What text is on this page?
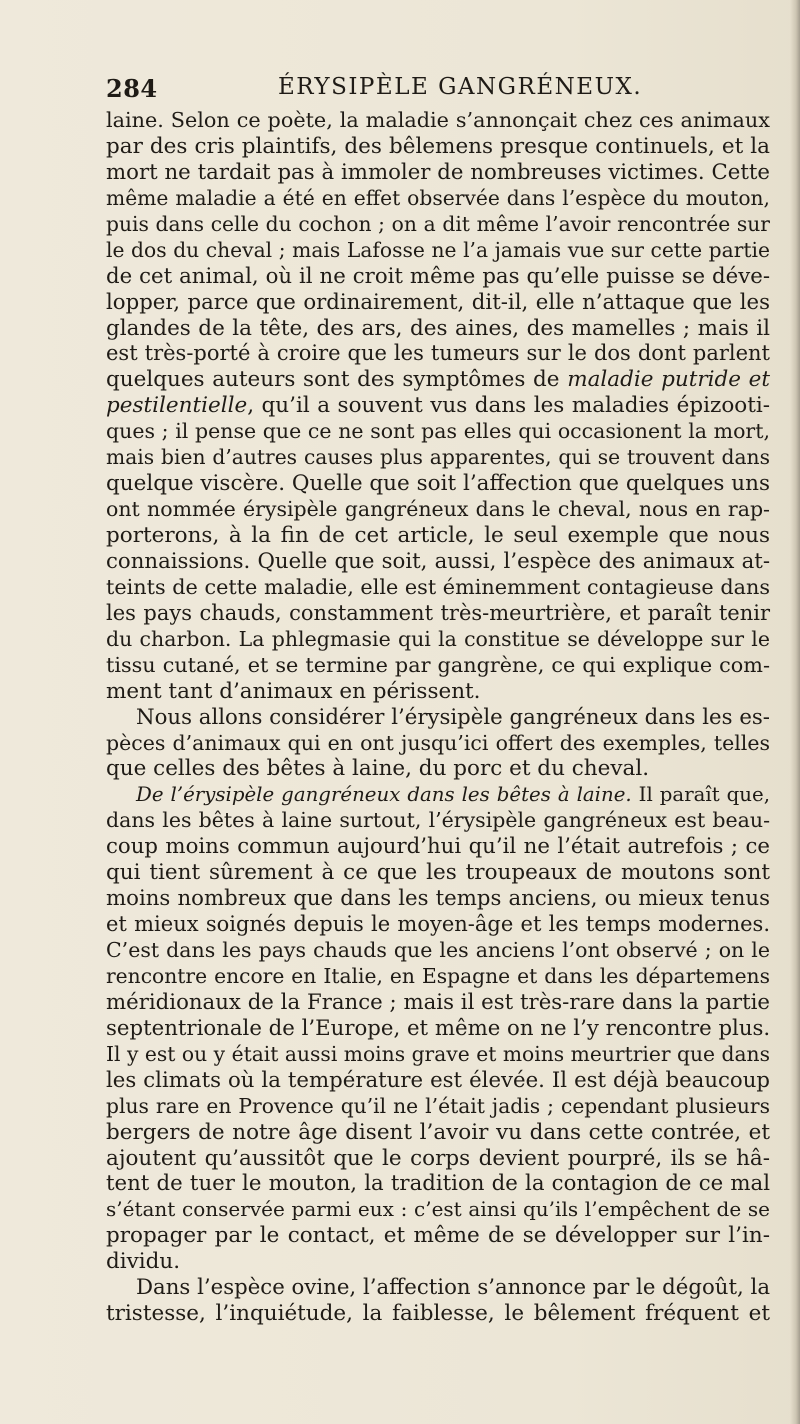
284	ÉRYSIPÈLE GANGRÉNEUX.
laine. Selon ce poète, la maladie s’annonçait chez ces animaux
par des cris plaintifs, des bêlemens presque continuels, et la
mort ne tardait pas à immoler de nombreuses victimes. Cette
même maladie a été en effet observée dans l’espèce du mouton,
puis dans celle du cochon ; on a dit même l’avoir rencontrée sur
le dos du cheval ; mais Lafosse ne l’a jamais vue sur cette partie
de cet animal, où il ne croit même pas qu’elle puisse se déve-
lopper, parce que ordinairement, dit-il, elle n’attaque que les
glandes de la tête, des ars, des aines, des mamelles ; mais il
est très-porté à croire que les tumeurs sur le dos dont parlent
quelques auteurs sont des symptômes de maladie putride et
pestilentielle, qu’il a souvent vus dans les maladies épizooti-
ques ; il pense que ce ne sont pas elles qui occasionent la mort,
mais bien d’autres causes plus apparentes, qui se trouvent dans
quelque viscère. Quelle que soit l’affection que quelques uns
ont nommée érysipèle gangréneux dans le cheval, nous en rap-
porterons, à la fin de cet article, le seul exemple que nous
connaissions. Quelle que soit, aussi, l’espèce des animaux at-
teints de cette maladie, elle est éminemment contagieuse dans
les pays chauds, constamment très-meurtrière, et paraît tenir
du charbon. La phlegmasie qui la constitue se développe sur le
tissu cutané, et se termine par gangrène, ce qui explique com-
ment tant d’animaux en périssent.
Nous allons considérer l’érysipèle gangréneux dans les es-
pèces d’animaux qui en ont jusqu’ici offert des exemples, telles
que celles des bêtes à laine, du porc et du cheval.
De l’érysipèle gangréneux dans les bêtes à laine. Il paraît que,
dans les bêtes à laine surtout, l’érysipèle gangréneux est beau-
coup moins commun aujourd’hui qu’il ne l’était autrefois ; ce
qui tient sûrement à ce que les troupeaux de moutons sont
moins nombreux que dans les temps anciens, ou mieux tenus
et mieux soignés depuis le moyen-âge et les temps modernes.
C’est dans les pays chauds que les anciens l’ont observé ; on le
rencontre encore en Italie, en Espagne et dans les départemens
méridionaux de la France ; mais il est très-rare dans la partie
septentrionale de l’Europe, et même on ne l’y rencontre plus.
Il y est ou y était aussi moins grave et moins meurtrier que dans
les climats où la température est élevée. Il est déjà beaucoup
plus rare en Provence qu’il ne l’était jadis ; cependant plusieurs
bergers de notre âge disent l’avoir vu dans cette contrée, et
ajoutent qu’aussitôt que le corps devient pourpré, ils se hâ-
tent de tuer le mouton, la tradition de la contagion de ce mal
s’étant conservée parmi eux : c’est ainsi qu’ils l’empêchent de se
propager par le contact, et même de se développer sur l’in-
dividu.
Dans l’espèce ovine, l’affection s’annonce par le dégoût, la
tristesse, l’inquiétude, la faiblesse, le bêlement fréquent et
